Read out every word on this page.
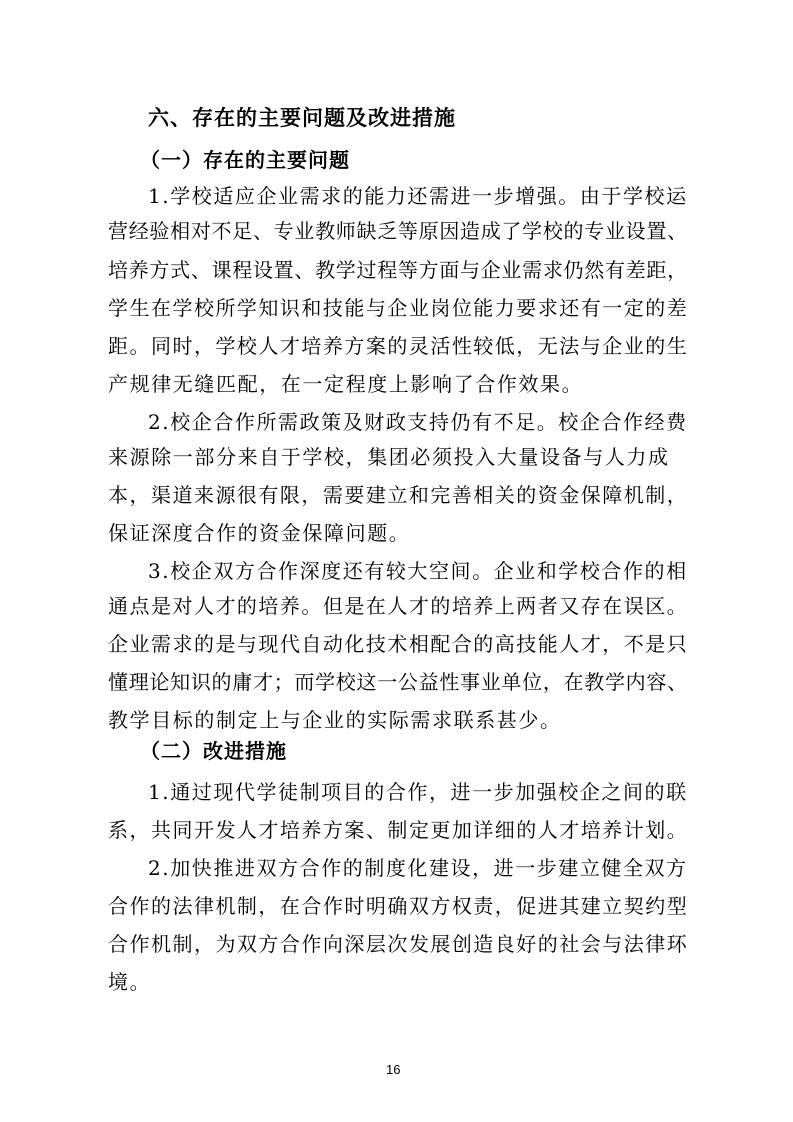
六、存在的主要问题及改进措施
（一）存在的主要问题

1.学校适应企业需求的能力还需进一步增强。由于学校运

营经验相对不足、专业教师缺乏等原因造成了学校的专业设置、

培养方式、课程设置、教学过程等方面与企业需求仍然有差距，

学生在学校所学知识和技能与企业岗位能力要求还有一定的差

距。同时，学校人才培养方案的灵活性较低，无法与企业的生

产规律无缝匹配，在一定程度上影响了合作效果。

2.校企合作所需政策及财政支持仍有不足。校企合作经费

来源除一部分来自于学校，集团必须投入大量设备与人力成

本，渠道来源很有限，需要建立和完善相关的资金保障机制，

保证深度合作的资金保障问题。

3.校企双方合作深度还有较大空间。企业和学校合作的相

通点是对人才的培养。但是在人才的培养上两者又存在误区。

企业需求的是与现代自动化技术相配合的高技能人才，不是只

懂理论知识的庸才；而学校这一公益性事业单位，在教学内容、

教学目标的制定上与企业的实际需求联系甚少。

（二）改进措施

1.通过现代学徒制项目的合作，进一步加强校企之间的联

系，共同开发人才培养方案、制定更加详细的人才培养计划。

2.加快推进双方合作的制度化建设，进一步建立健全双方

合作的法律机制，在合作时明确双方权责，促进其建立契约型

合作机制，为双方合作向深层次发展创造良好的社会与法律环

境。

16
